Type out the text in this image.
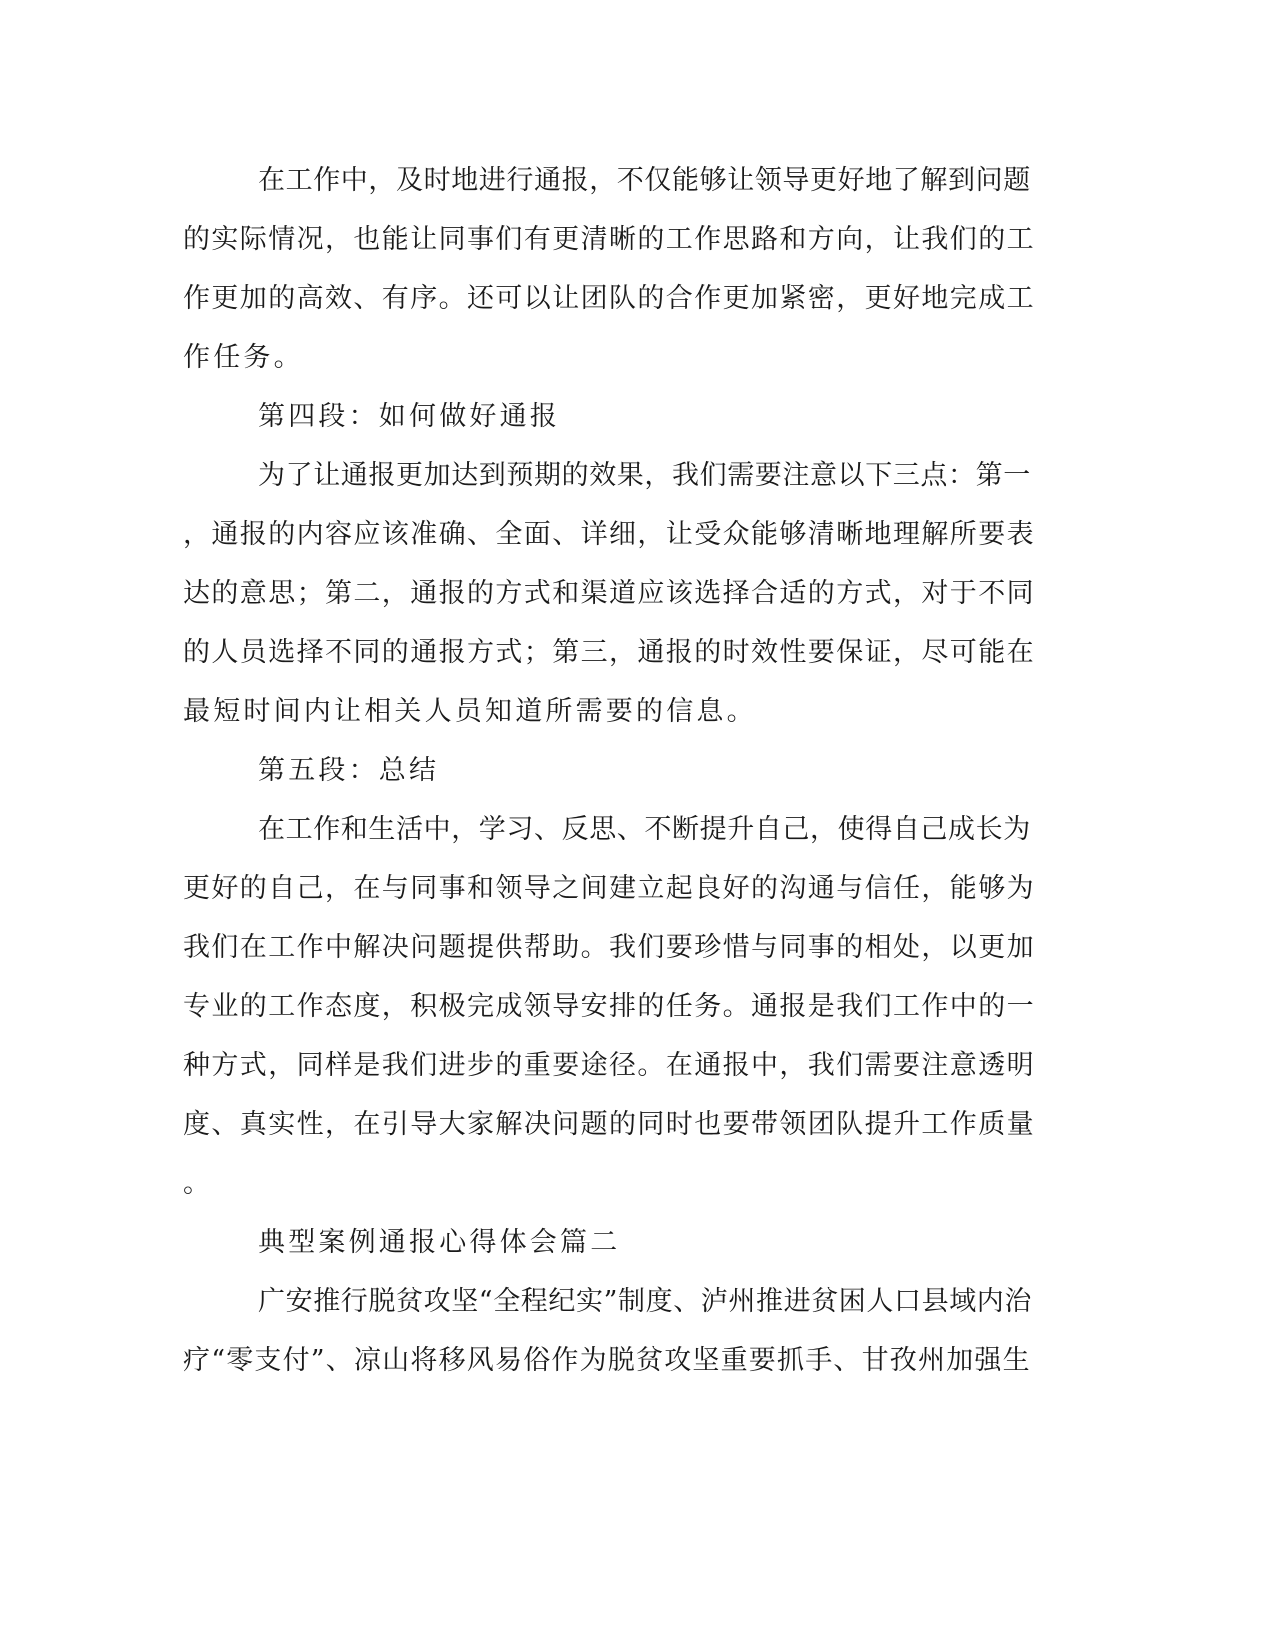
在工作中，及时地进行通报，不仅能够让领导更好地了解到问题
的实际情况，也能让同事们有更清晰的工作思路和方向，让我们的工
作更加的高效、有序。还可以让团队的合作更加紧密，更好地完成工
作任务。
第四段：如何做好通报
为了让通报更加达到预期的效果，我们需要注意以下三点：第一
，通报的内容应该准确、全面、详细，让受众能够清晰地理解所要表
达的意思；第二，通报的方式和渠道应该选择合适的方式，对于不同
的人员选择不同的通报方式；第三，通报的时效性要保证，尽可能在
最短时间内让相关人员知道所需要的信息。
第五段：总结
在工作和生活中，学习、反思、不断提升自己，使得自己成长为
更好的自己，在与同事和领导之间建立起良好的沟通与信任，能够为
我们在工作中解决问题提供帮助。我们要珍惜与同事的相处，以更加
专业的工作态度，积极完成领导安排的任务。通报是我们工作中的一
种方式，同样是我们进步的重要途径。在通报中，我们需要注意透明
度、真实性，在引导大家解决问题的同时也要带领团队提升工作质量
。
典型案例通报心得体会篇二
广安推行脱贫攻坚“全程纪实”制度、泸州推进贫困人口县域内治
疗“零支付”、凉山将移风易俗作为脱贫攻坚重要抓手、甘孜州加强生
